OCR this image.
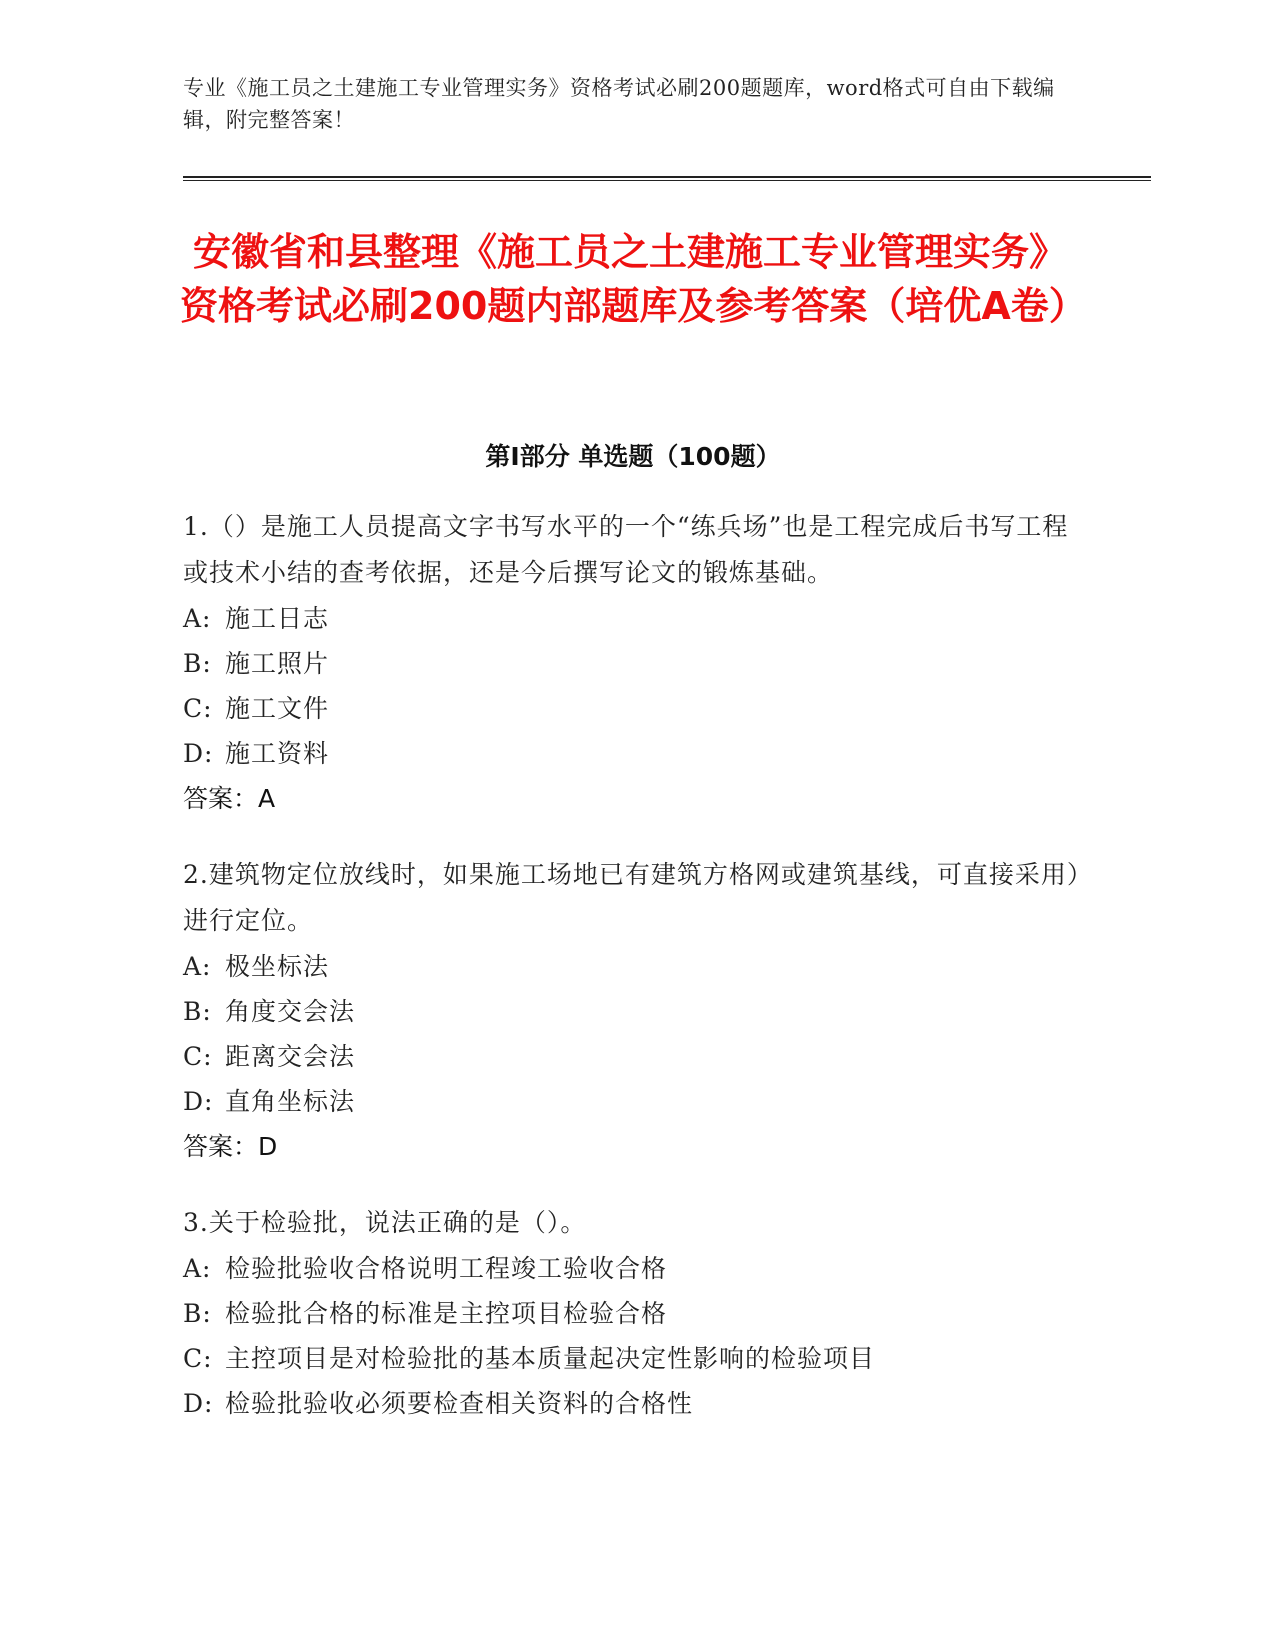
专业《施工员之土建施工专业管理实务》资格考试必刷200题题库，word格式可自由下载编辑，附完整答案！
安徽省和县整理《施工员之土建施工专业管理实务》资格考试必刷200题内部题库及参考答案（培优A卷）
第Ⅰ部分 单选题（100题）
1.（）是施工人员提高文字书写水平的一个“练兵场”也是工程完成后书写工程或技术小结的查考依据，还是今后撰写论文的锻炼基础。
A: 施工日志
B: 施工照片
C: 施工文件
D: 施工资料
答案：A
2.建筑物定位放线时，如果施工场地已有建筑方格网或建筑基线，可直接采用）进行定位。
A: 极坐标法
B: 角度交会法
C: 距离交会法
D: 直角坐标法
答案：D
3.关于检验批，说法正确的是（）。
A: 检验批验收合格说明工程竣工验收合格
B: 检验批合格的标准是主控项目检验合格
C: 主控项目是对检验批的基本质量起决定性影响的检验项目
D: 检验批验收必须要检查相关资料的合格性
